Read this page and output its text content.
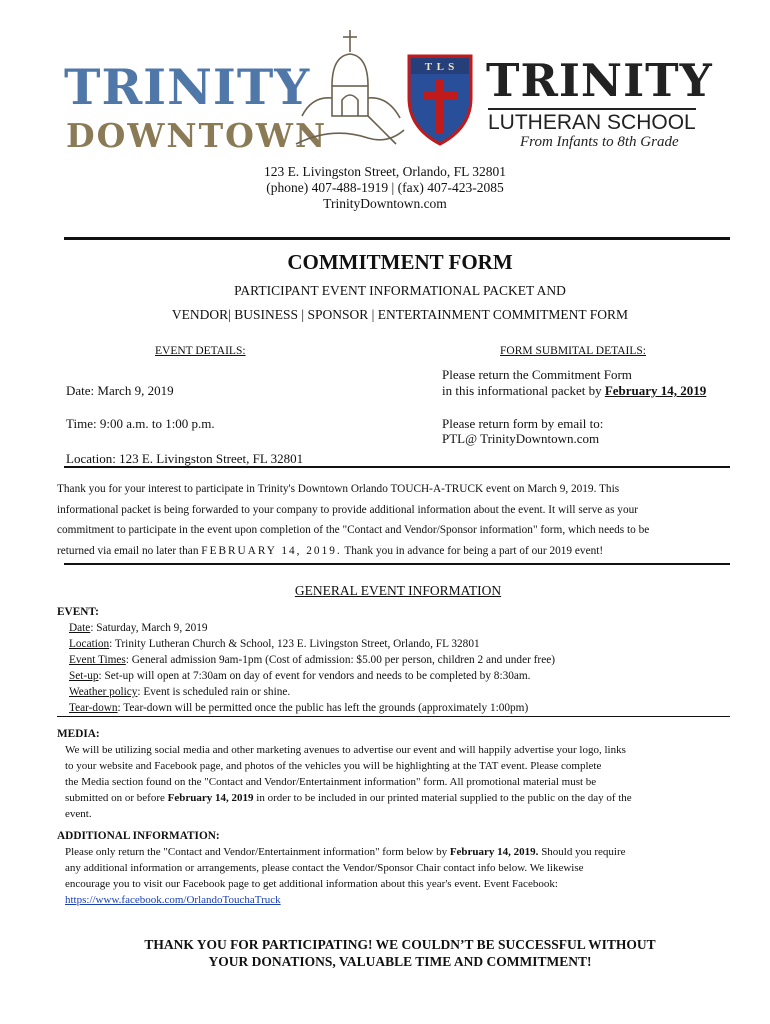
TRINITY
DOWNTOWN
T L S TRINITY
LUTHERAN SCHOOL
From Infants to 8th Grade
123 E. Livingston Street, Orlando, FL 32801
(phone) 407-488-1919 | (fax) 407-423-2085
TrinityDowntown.com
COMMITMENT FORM
PARTICIPANT EVENT INFORMATIONAL PACKET AND
VENDOR| BUSINESS | SPONSOR | ENTERTAINMENT COMMITMENT FORM
EVENT DETAILS:	FORM SUBMITAL DETAILS:
Date: March 9, 2019
Time: 9:00 a.m. to 1:00 p.m.
Location: 123 E. Livingston Street, FL 32801
Please return the Commitment Form
in this informational packet by February 14, 2019
Please return form by email to:
PTL@ TrinityDowntown.com
Thank you for your interest to participate in Trinity's Downtown Orlando TOUCH-A-TRUCK event on March 9, 2019. This
informational packet is being forwarded to your company to provide additional information about the event. It will serve as your
commitment to participate in the event upon completion of the "Contact and Vendor/Sponsor information" form, which needs to be
returned via email no later than FEBRUARY 14, 2019. Thank you in advance for being a part of our 2019 event!
GENERAL EVENT INFORMATION
EVENT:
Date: Saturday, March 9, 2019
Location: Trinity Lutheran Church & School, 123 E. Livingston Street, Orlando, FL 32801
Event Times: General admission 9am-1pm (Cost of admission: $5.00 per person, children 2 and under free)
Set-up: Set-up will open at 7:30am on day of event for vendors and needs to be completed by 8:30am.
Weather policy: Event is scheduled rain or shine.
Tear-down: Tear-down will be permitted once the public has left the grounds (approximately 1:00pm)
MEDIA:
We will be utilizing social media and other marketing avenues to advertise our event and will happily advertise your logo, links
to your website and Facebook page, and photos of the vehicles you will be highlighting at the TAT event. Please complete
the Media section found on the "Contact and Vendor/Entertainment information" form. All promotional material must be
submitted on or before February 14, 2019 in order to be included in our printed material supplied to the public on the day of the
event.
ADDITIONAL INFORMATION:
Please only return the "Contact and Vendor/Entertainment information" form below by February 14, 2019. Should you require
any additional information or arrangements, please contact the Vendor/Sponsor Chair contact info below. We likewise
encourage you to visit our Facebook page to get additional information about this year's event. Event Facebook:
https://www.facebook.com/OrlandoTouchaTruck
THANK YOU FOR PARTICIPATING! WE COULDN’T BE SUCCESSFUL WITHOUT
YOUR DONATIONS, VALUABLE TIME AND COMMITMENT!
